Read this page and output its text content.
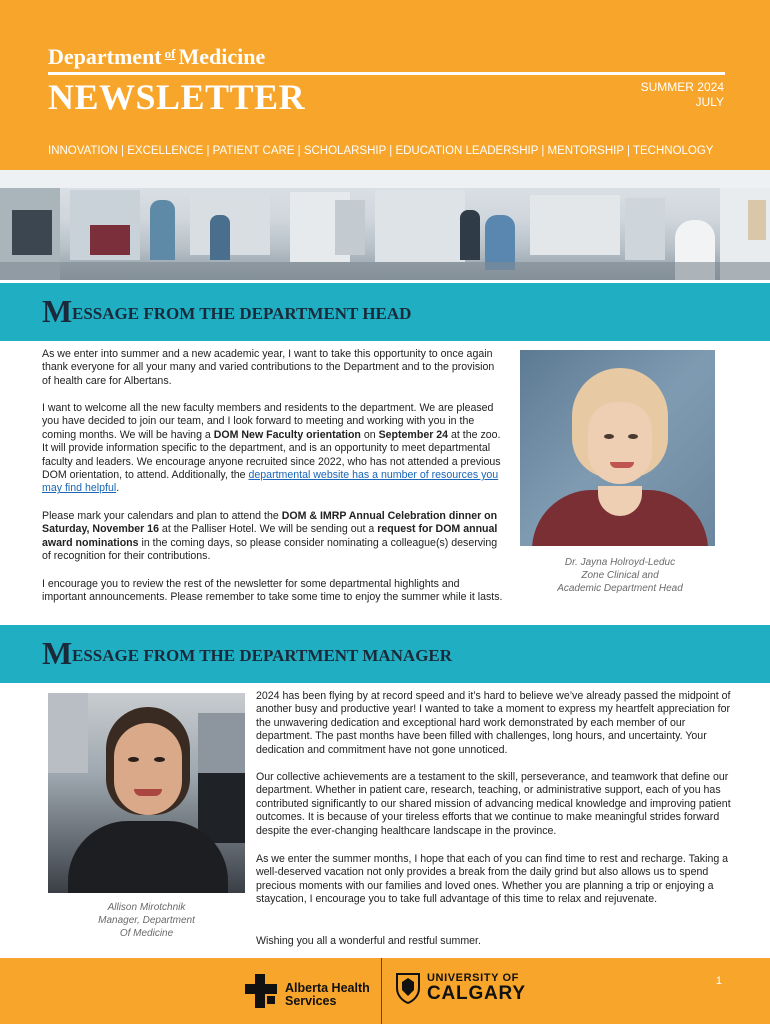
Department $^{of}$ Medicine
NEWSLETTER	SUMMER 2024
JULY
INNOVATION | EXCELLENCE | PATIENT CARE | SCHOLARSHIP | EDUCATION LEADERSHIP | MENTORSHIP | TECHNOLOGY
M ESSAGE FROM THE DEPARTMENT HEAD

As we enter into summer and a new academic year, I want to take this opportunity to once again thank everyone for all your many and varied contributions to the Department and to the provision of health care for Albertans.

I want to welcome all the new faculty members and residents to the department. We are pleased you have decided to join our team, and I look forward to meeting and working with you in the coming months. We will be having a DOM New Faculty orientation on September 24 at the zoo. It will provide information specific to the department, and is an opportunity to meet departmental faculty and leaders. We encourage anyone recruited since 2022, who has not attended a previous DOM orientation, to attend. Additionally, the departmental website has a number of resources you may find helpful.

Please mark your calendars and plan to attend the DOM & IMRP Annual Celebration dinner on Saturday, November 16 at the Palliser Hotel. We will be sending out a request for DOM annual award nominations in the coming days, so please consider nominating a colleague(s) deserving of recognition for their contributions.

I encourage you to review the rest of the newsletter for some departmental highlights and important announcements. Please remember to take some time to enjoy the summer while it lasts.

Dr. Jayna Holroyd-Leduc
Zone Clinical and
Academic Department Head
M ESSAGE FROM THE DEPARTMENT MANAGER
Allison Mirotchnik
Manager, Department
Of Medicine

2024 has been flying by at record speed and it’s hard to believe we’ve already passed the midpoint of another busy and productive year! I wanted to take a moment to express my heartfelt appreciation for the unwavering dedication and exceptional hard work demonstrated by each member of our department. The past months have been filled with challenges, long hours, and uncertainty. Your dedication and commitment have not gone unnoticed.

Our collective achievements are a testament to the skill, perseverance, and teamwork that define our department. Whether in patient care, research, teaching, or administrative support, each of you has contributed significantly to our shared mission of advancing medical knowledge and improving patient outcomes. It is because of your tireless efforts that we continue to make meaningful strides forward despite the ever-changing healthcare landscape in the province.

As we enter the summer months, I hope that each of you can find time to rest and recharge. Taking a well-deserved vacation not only provides a break from the daily grind but also allows us to spend precious moments with our families and loved ones. Whether you are planning a trip or enjoying a staycation, I encourage you to take full advantage of this time to relax and rejuvenate.

Wishing you all a wonderful and restful summer.

Alberta Health
Services
UNIVERSITY OF
CALGARY
1
